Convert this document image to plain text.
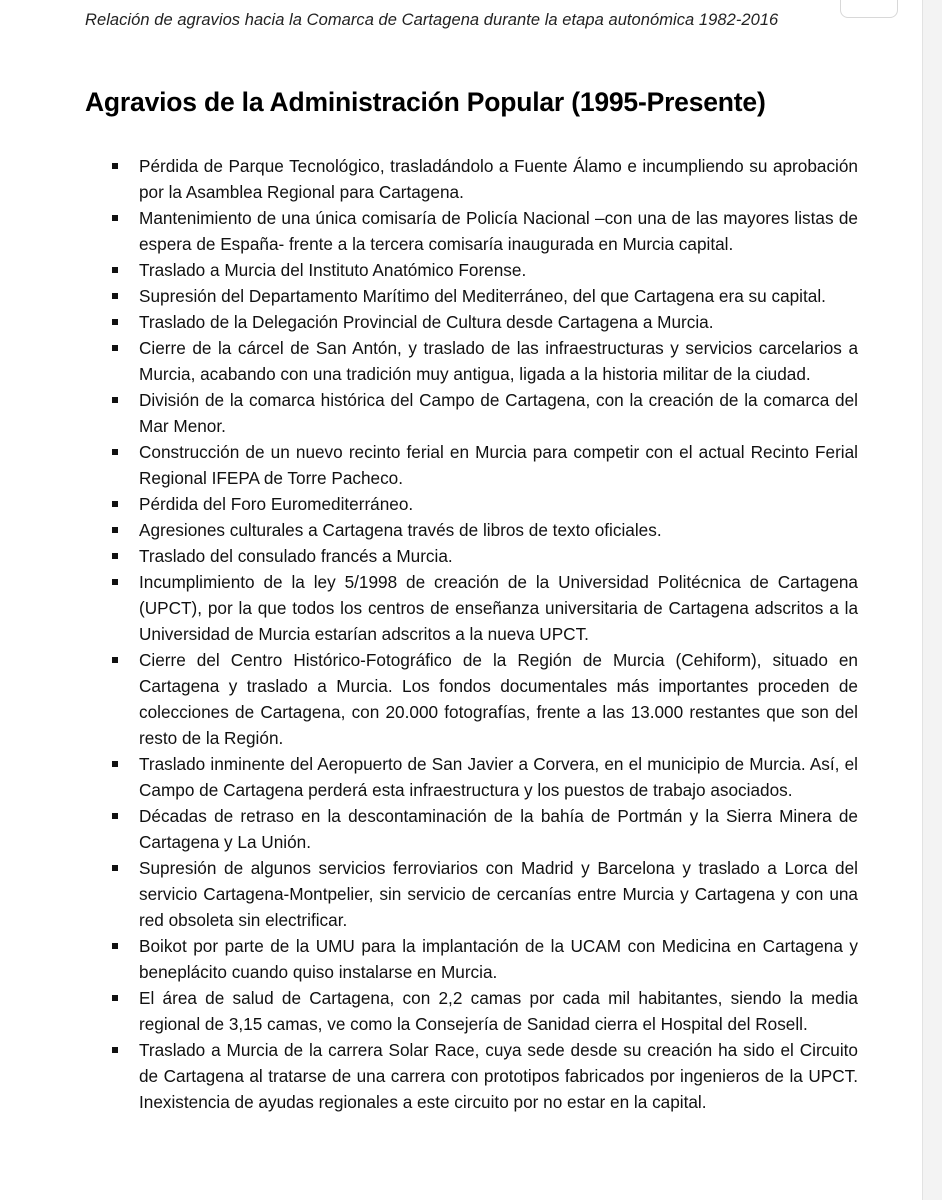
Relación de agravios hacia la Comarca de Cartagena durante la etapa autonómica 1982-2016
Agravios de la Administración Popular (1995-Presente)
Pérdida de Parque Tecnológico, trasladándolo a Fuente Álamo e incumpliendo su aprobación por la Asamblea Regional para Cartagena.
Mantenimiento de una única comisaría de Policía Nacional –con una de las mayores listas de espera de España- frente a la tercera comisaría inaugurada en Murcia capital.
Traslado a Murcia del Instituto Anatómico Forense.
Supresión del Departamento Marítimo del Mediterráneo, del que Cartagena era su capital.
Traslado de la Delegación Provincial de Cultura desde Cartagena a Murcia.
Cierre de la cárcel de San Antón, y traslado de las infraestructuras y servicios carcelarios a Murcia, acabando con una tradición muy antigua, ligada a la historia militar de la ciudad.
División de la comarca histórica del Campo de Cartagena, con la creación de la comarca del Mar Menor.
Construcción de un nuevo recinto ferial en Murcia para competir con el actual Recinto Ferial Regional IFEPA de Torre Pacheco.
Pérdida del Foro Euromediterráneo.
Agresiones culturales a Cartagena través de libros de texto oficiales.
Traslado del consulado francés a Murcia.
Incumplimiento de la ley 5/1998 de creación de la Universidad Politécnica de Cartagena (UPCT), por la que todos los centros de enseñanza universitaria de Cartagena adscritos a la Universidad de Murcia estarían adscritos a la nueva UPCT.
Cierre del Centro Histórico-Fotográfico de la Región de Murcia (Cehiform), situado en Cartagena y traslado a Murcia. Los fondos documentales más importantes proceden de colecciones de Cartagena, con 20.000 fotografías, frente a las 13.000 restantes que son del resto de la Región.
Traslado inminente del Aeropuerto de San Javier a Corvera, en el municipio de Murcia. Así, el Campo de Cartagena perderá esta infraestructura y los puestos de trabajo asociados.
Décadas de retraso en la descontaminación de la bahía de Portmán y la Sierra Minera de Cartagena y La Unión.
Supresión de algunos servicios ferroviarios con Madrid y Barcelona y traslado a Lorca del servicio Cartagena-Montpelier, sin servicio de cercanías entre Murcia y Cartagena y con una red obsoleta sin electrificar.
Boikot por parte de la UMU para la implantación de la UCAM con Medicina en Cartagena y beneplácito cuando quiso instalarse en Murcia.
El área de salud de Cartagena, con 2,2 camas por cada mil habitantes, siendo la media regional de 3,15 camas, ve como la Consejería de Sanidad cierra el Hospital del Rosell.
Traslado a Murcia de la carrera Solar Race, cuya sede desde su creación ha sido el Circuito de Cartagena al tratarse de una carrera con prototipos fabricados por ingenieros de la UPCT. Inexistencia de ayudas regionales a este circuito por no estar en la capital.
